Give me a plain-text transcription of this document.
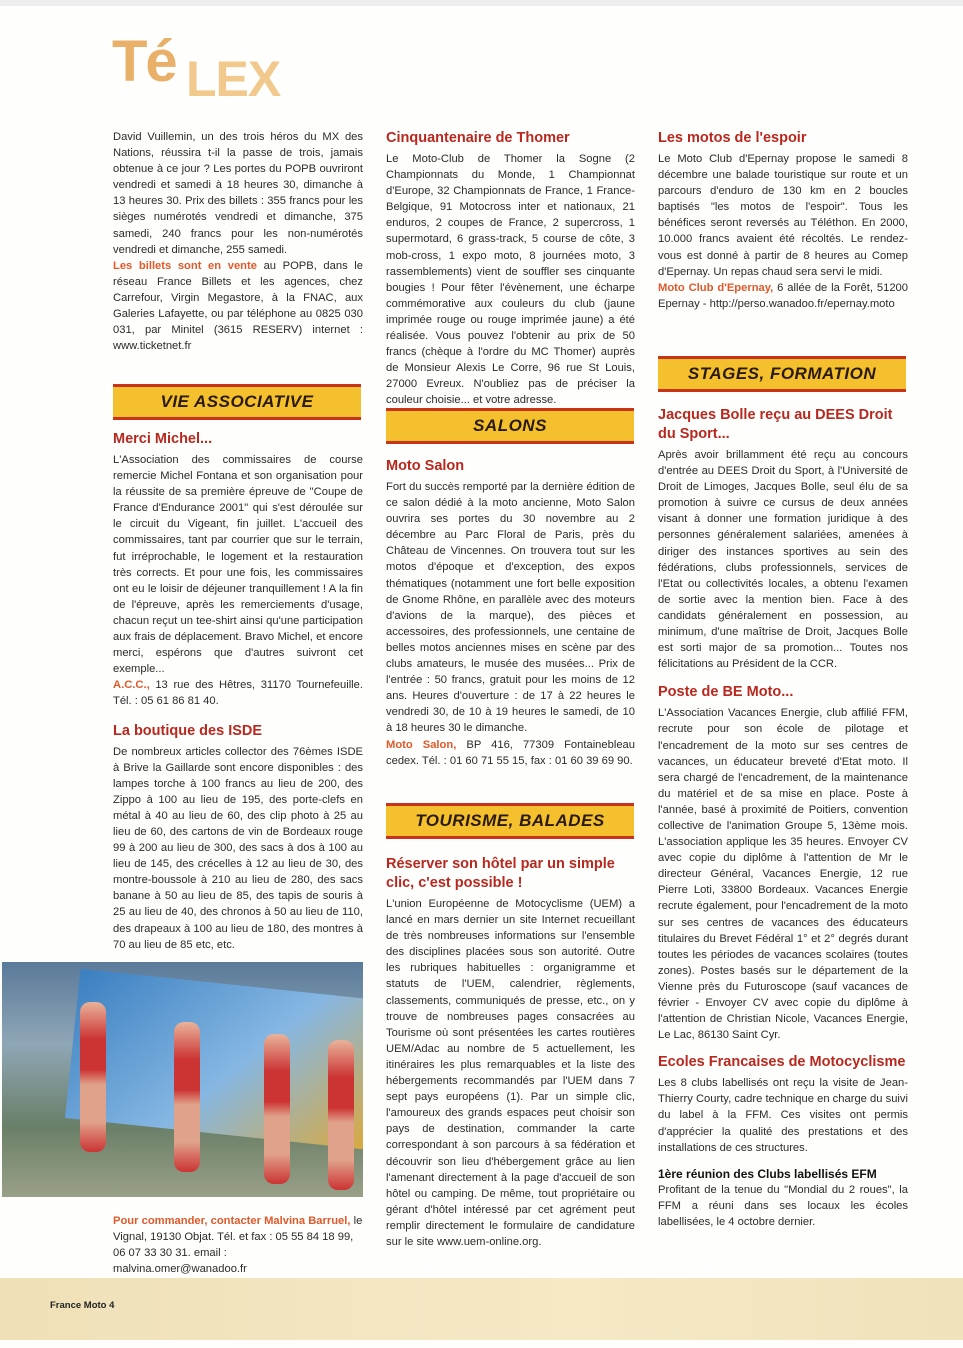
Té LEX

David Vuillemin, un des trois héros du MX des Nations, réussira t-il la passe de trois, jamais obtenue à ce jour ? Les portes du POPB ouvriront vendredi et samedi à 18 heures 30, dimanche à 13 heures 30. Prix des billets : 355 francs pour les sièges numérotés vendredi et dimanche, 375 samedi, 240 francs pour les non-numérotés vendredi et dimanche, 255 samedi.

Les billets sont en vente au POPB, dans le réseau France Billets et les agences, chez Carrefour, Virgin Megastore, à la FNAC, aux Galeries Lafayette, ou par téléphone au 0825 030 031, par Minitel (3615 RESERV) internet : www.ticketnet.fr

VIE ASSOCIATIVE

Merci Michel...

L'Association des commissaires de course remercie Michel Fontana et son organisation pour la réussite de sa première épreuve de "Coupe de France d'Endurance 2001" qui s'est déroulée sur le circuit du Vigeant, fin juillet. L'accueil des commissaires, tant par courrier que sur le terrain, fut irréprochable, le logement et la restauration très corrects. Et pour une fois, les commissaires ont eu le loisir de déjeuner tranquillement ! A la fin de l'épreuve, après les remerciements d'usage, chacun reçut un tee-shirt ainsi qu'une participation aux frais de déplacement. Bravo Michel, et encore merci, espérons que d'autres suivront cet exemple...

A.C.C., 13 rue des Hêtres, 31170 Tournefeuille. Tél. : 05 61 86 81 40.

La boutique des ISDE

De nombreux articles collector des 76èmes ISDE à Brive la Gaillarde sont encore disponibles : des lampes torche à 100 francs au lieu de 200, des Zippo à 100 au lieu de 195, des porte-clefs en métal à 40 au lieu de 60, des clip photo à 25 au lieu de 60, des cartons de vin de Bordeaux rouge 99 à 200 au lieu de 300, des sacs à dos à 100 au lieu de 145, des crécelles à 12 au lieu de 30, des montre-boussole à 210 au lieu de 280, des sacs banane à 50 au lieu de 85, des tapis de souris à 25 au lieu de 40, des chronos à 50 au lieu de 110, des drapeaux à 100 au lieu de 180, des montres à 70 au lieu de 85 etc, etc.

Pour commander, contacter Malvina Barruel, le Vignal, 19130 Objat. Tél. et fax : 05 55 84 18 99, 06 07 33 30 31. email : malvina.omer@wanadoo.fr

Cinquantenaire de Thomer

Le Moto-Club de Thomer la Sogne (2 Championnats du Monde, 1 Championnat d'Europe, 32 Championnats de France, 1 France-Belgique, 91 Motocross inter et nationaux, 21 enduros, 2 coupes de France, 2 supercross, 1 supermotard, 6 grass-track, 5 course de côte, 3 mob-cross, 1 expo moto, 8 journées moto, 3 rassemblements) vient de souffler ses cinquante bougies ! Pour fêter l'évènement, une écharpe commémorative aux couleurs du club (jaune imprimée rouge ou rouge imprimée jaune) a été réalisée. Vous pouvez l'obtenir au prix de 50 francs (chèque à l'ordre du MC Thomer) auprès de Monsieur Alexis Le Corre, 96 rue St Louis, 27000 Evreux. N'oubliez pas de préciser la couleur choisie... et votre adresse.

SALONS

Moto Salon

Fort du succès remporté par la dernière édition de ce salon dédié à la moto ancienne, Moto Salon ouvrira ses portes du 30 novembre au 2 décembre au Parc Floral de Paris, près du Château de Vincennes. On trouvera tout sur les motos d'époque et d'exception, des expos thématiques (notamment une fort belle exposition de Gnome Rhône, en parallèle avec des moteurs d'avions de la marque), des pièces et accessoires, des professionnels, une centaine de belles motos anciennes mises en scène par des clubs amateurs, le musée des musées... Prix de l'entrée : 50 francs, gratuit pour les moins de 12 ans. Heures d'ouverture : de 17 à 22 heures le vendredi 30, de 10 à 19 heures le samedi, de 10 à 18 heures 30 le dimanche.

Moto Salon, BP 416, 77309 Fontainebleau cedex. Tél. : 01 60 71 55 15, fax : 01 60 39 69 90.

TOURISME, BALADES

Réserver son hôtel par un simple clic, c'est possible !

L'union Européenne de Motocyclisme (UEM) a lancé en mars dernier un site Internet recueillant de très nombreuses informations sur l'ensemble des disciplines placées sous son autorité. Outre les rubriques habituelles : organigramme et statuts de l'UEM, calendrier, règlements, classements, communiqués de presse, etc., on y trouve de nombreuses pages consacrées au Tourisme où sont présentées les cartes routières UEM/Adac au nombre de 5 actuellement, les itinéraires les plus remarquables et la liste des hébergements recommandés par l'UEM dans 7 sept pays européens (1). Par un simple clic, l'amoureux des grands espaces peut choisir son pays de destination, commander la carte correspondant à son parcours à sa fédération et découvrir son lieu d'hébergement grâce au lien l'amenant directement à la page d'accueil de son hôtel ou camping. De même, tout propriétaire ou gérant d'hôtel intéressé par cet agrément peut remplir directement le formulaire de candidature sur le site www.uem-online.org.

Les motos de l'espoir

Le Moto Club d'Epernay propose le samedi 8 décembre une balade touristique sur route et un parcours d'enduro de 130 km en 2 boucles baptisés "les motos de l'espoir". Tous les bénéfices seront reversés au Téléthon. En 2000, 10.000 francs avaient été récoltés. Le rendez-vous est donné à partir de 8 heures au Comep d'Epernay. Un repas chaud sera servi le midi.

Moto Club d'Epernay, 6 allée de la Forêt, 51200 Epernay - http://perso.wanadoo.fr/epernay.moto

STAGES, FORMATION

Jacques Bolle reçu au DEES Droit du Sport...

Après avoir brillamment été reçu au concours d'entrée au DEES Droit du Sport, à l'Université de Droit de Limoges, Jacques Bolle, seul élu de sa promotion à suivre ce cursus de deux années visant à donner une formation juridique à des personnes généralement salariées, amenées à diriger des instances sportives au sein des fédérations, clubs professionnels, services de l'Etat ou collectivités locales, a obtenu l'examen de sortie avec la mention bien. Face à des candidats généralement en possession, au minimum, d'une maîtrise de Droit, Jacques Bolle est sorti major de sa promotion... Toutes nos félicitations au Président de la CCR.

Poste de BE Moto...

L'Association Vacances Energie, club affilié FFM, recrute pour son école de pilotage et l'encadrement de la moto sur ses centres de vacances, un éducateur breveté d'Etat moto. Il sera chargé de l'encadrement, de la maintenance du matériel et de sa mise en place. Poste à l'année, basé à proximité de Poitiers, convention collective de l'animation Groupe 5, 13ème mois. L'association applique les 35 heures. Envoyer CV avec copie du diplôme à l'attention de Mr le directeur Général, Vacances Energie, 12 rue Pierre Loti, 33800 Bordeaux. Vacances Energie recrute également, pour l'encadrement de la moto sur ses centres de vacances des éducateurs titulaires du Brevet Fédéral 1° et 2° degrés durant toutes les périodes de vacances scolaires (toutes zones). Postes basés sur le département de la Vienne près du Futuroscope (sauf vacances de février - Envoyer CV avec copie du diplôme à l'attention de Christian Nicole, Vacances Energie, Le Lac, 86130 Saint Cyr.

Ecoles Francaises de Motocyclisme

Les 8 clubs labellisés ont reçu la visite de Jean-Thierry Courty, cadre technique en charge du suivi du label à la FFM. Ces visites ont permis d'apprécier la qualité des prestations et des installations de ces structures.

1ère réunion des Clubs labellisés EFM

Profitant de la tenue du "Mondial du 2 roues", la FFM a réuni dans ses locaux les écoles labellisées, le 4 octobre dernier.

France Moto 4
